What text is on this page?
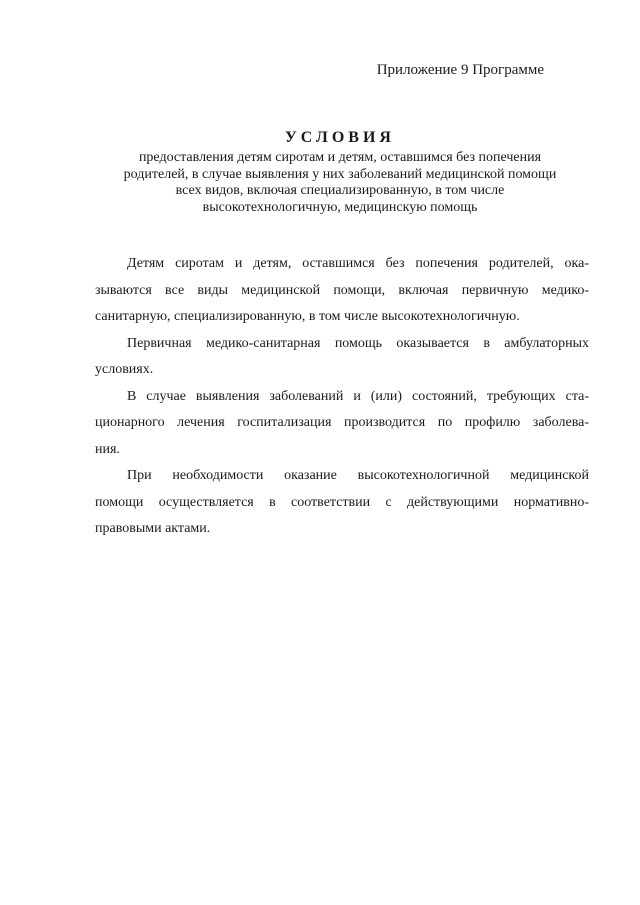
Приложение 9 Программе
УСЛОВИЯ
предоставления детям сиротам и детям, оставшимся без попечения
родителей, в случае выявления у них заболеваний медицинской помощи
всех видов, включая специализированную, в том числе
высокотехнологичную, медицинскую помощь
Детям сиротам и детям, оставшимся без попечения родителей, ока-
зываются все виды медицинской помощи, включая первичную медико-
санитарную, специализированную, в том числе высокотехнологичную.
Первичная медико-санитарная помощь оказывается в амбулаторных
условиях.
В случае выявления заболеваний и (или) состояний, требующих ста-
ционарного лечения госпитализация производится по профилю заболева-
ния.
При необходимости оказание высокотехнологичной медицинской
помощи осуществляется в соответствии с действующими нормативно-
правовыми актами.
